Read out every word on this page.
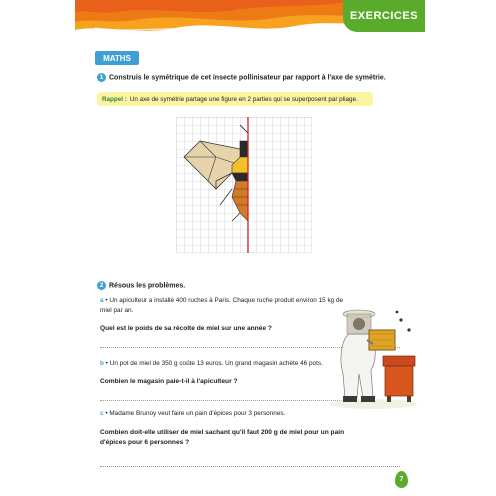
EXERCICES
MATHS
1 Construis le symétrique de cet insecte pollinisateur par rapport à l'axe de symétrie.
Rappel : Un axe de symétrie partage une figure en 2 parties qui se superposent par pliage.
2 Résous les problèmes.
a • Un apiculteur a installé 400 ruches à Paris. Chaque ruche produit environ 15 kg de miel par an.
Quel est le poids de sa récolte de miel sur une année ?
b • Un pot de miel de 350 g coûte 13 euros. Un grand magasin achète 46 pots.
Combien le magasin paie-t-il à l'apiculteur ?
c • Madame Brunoy veut faire un pain d'épices pour 3 personnes.
Combien doit-elle utiliser de miel sachant qu'il faut 200 g de miel pour un pain d'épices pour 6 personnes ?
7
